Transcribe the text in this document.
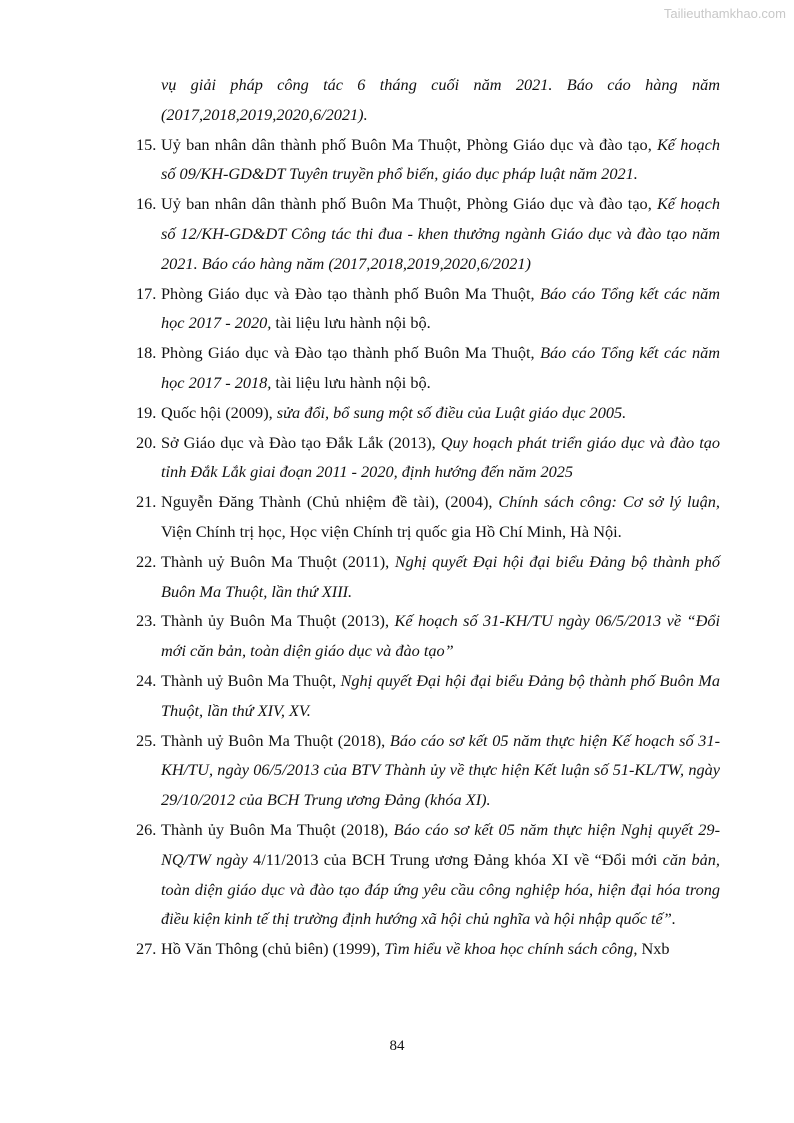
Tailieuthamkhao.com
vụ giải pháp công tác 6 tháng cuối năm 2021. Báo cáo hàng năm (2017,2018,2019,2020,6/2021).
15. Uỷ ban nhân dân thành phố Buôn Ma Thuột, Phòng Giáo dục và đào tạo, Kế hoạch số 09/KH-GD&DT Tuyên truyền phổ biến, giáo dục pháp luật năm 2021.
16. Uỷ ban nhân dân thành phố Buôn Ma Thuột, Phòng Giáo dục và đào tạo, Kế hoạch số 12/KH-GD&DT Công tác thi đua - khen thưởng ngành Giáo dục và đào tạo năm 2021. Báo cáo hàng năm (2017,2018,2019,2020,6/2021)
17. Phòng Giáo dục và Đào tạo thành phố Buôn Ma Thuột, Báo cáo Tổng kết các năm học 2017 - 2020, tài liệu lưu hành nội bộ.
18. Phòng Giáo dục và Đào tạo thành phố Buôn Ma Thuột, Báo cáo Tổng kết các năm học 2017 - 2018, tài liệu lưu hành nội bộ.
19. Quốc hội (2009), sửa đổi, bổ sung một số điều của Luật giáo dục 2005.
20. Sở Giáo dục và Đào tạo Đắk Lắk (2013), Quy hoạch phát triển giáo dục và đào tạo tỉnh Đắk Lắk giai đoạn 2011 - 2020, định hướng đến năm 2025
21. Nguyễn Đăng Thành (Chủ nhiệm đề tài), (2004), Chính sách công: Cơ sở lý luận, Viện Chính trị học, Học viện Chính trị quốc gia Hồ Chí Minh, Hà Nội.
22. Thành uỷ Buôn Ma Thuột (2011), Nghị quyết Đại hội đại biểu Đảng bộ thành phố Buôn Ma Thuột, lần thứ XIII.
23. Thành ủy Buôn Ma Thuột (2013), Kế hoạch số 31-KH/TU ngày 06/5/2013 về “Đổi mới căn bản, toàn diện giáo dục và đào tạo”
24. Thành uỷ Buôn Ma Thuột, Nghị quyết Đại hội đại biểu Đảng bộ thành phố Buôn Ma Thuột, lần thứ XIV, XV.
25. Thành uỷ Buôn Ma Thuột (2018), Báo cáo sơ kết 05 năm thực hiện Kế hoạch số 31-KH/TU, ngày 06/5/2013 của BTV Thành ủy về thực hiện Kết luận số 51-KL/TW, ngày 29/10/2012 của BCH Trung ương Đảng (khóa XI).
26. Thành ủy Buôn Ma Thuột (2018), Báo cáo sơ kết 05 năm thực hiện Nghị quyết 29-NQ/TW ngày 4/11/2013 của BCH Trung ương Đảng khóa XI về “Đổi mới căn bản, toàn diện giáo dục và đào tạo đáp ứng yêu cầu công nghiệp hóa, hiện đại hóa trong điều kiện kinh tế thị trường định hướng xã hội chủ nghĩa và hội nhập quốc tế”.
27. Hồ Văn Thông (chủ biên) (1999), Tìm hiểu về khoa học chính sách công, Nxb
84
